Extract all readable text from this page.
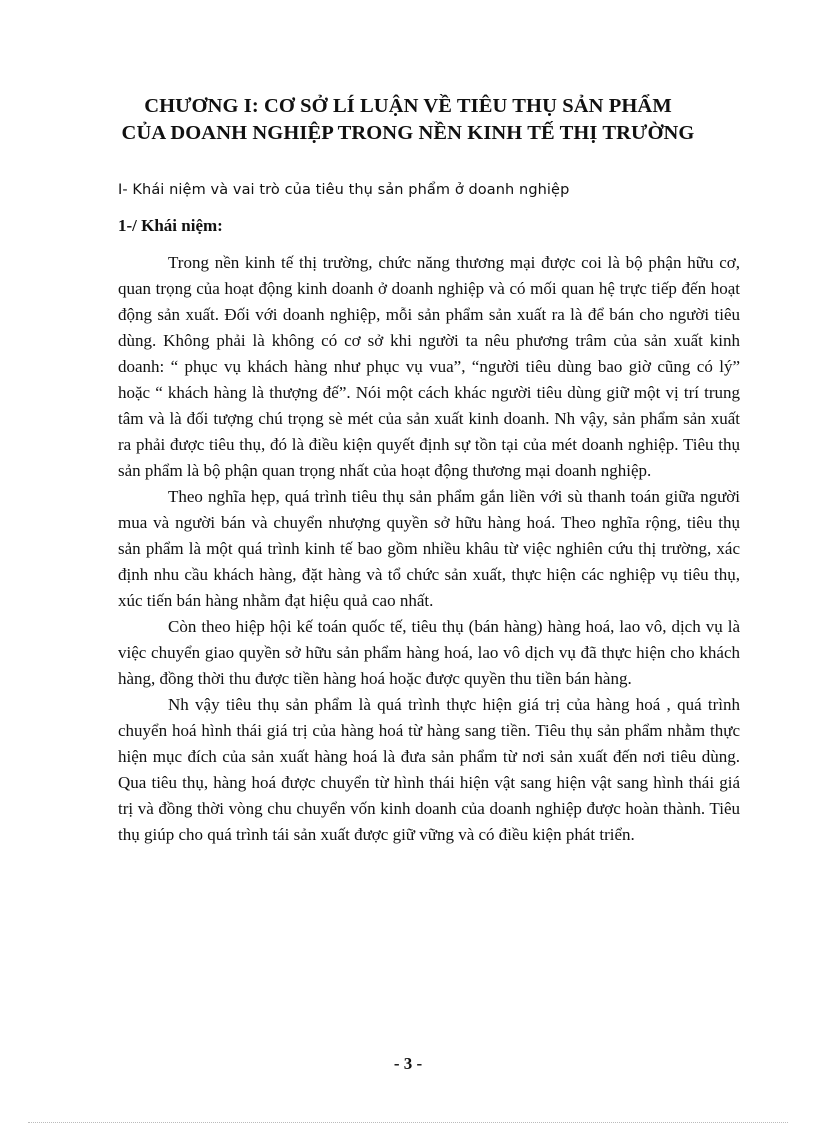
CHƯƠNG I: CƠ SỞ LÍ LUẬN VỀ TIÊU THỤ SẢN PHẨM
CỦA DOANH NGHIỆP TRONG NỀN KINH TẾ THỊ TRƯỜNG
I- Khái niệm và vai trò của tiêu thụ sản phẩm ở doanh nghiệp
1-/ Khái niệm:

Trong nền kinh tế thị trường, chức năng thương mại được coi là bộ phận hữu cơ, quan trọng của hoạt động kinh doanh ở doanh nghiệp và có mối quan hệ trực tiếp đến hoạt động sản xuất. Đối với doanh nghiệp, mỗi sản phẩm sản xuất ra là để bán cho người tiêu dùng. Không phải là không có cơ sở khi người ta nêu phương trâm của sản xuất kinh doanh: “ phục vụ khách hàng như phục vụ vua”, “người tiêu dùng bao giờ cũng có lý” hoặc “ khách hàng là thượng đế”. Nói một cách khác người tiêu dùng giữ một vị trí trung tâm và là đối tượng chú trọng sè mét của sản xuất kinh doanh. Nh vậy, sản phẩm sản xuất ra phải được tiêu thụ, đó là điều kiện quyết định sự tồn tại của mét doanh nghiệp. Tiêu thụ sản phẩm là bộ phận quan trọng nhất của hoạt động thương mại doanh nghiệp.

Theo nghĩa hẹp, quá trình tiêu thụ sản phẩm gắn liền với sù thanh toán giữa người mua và người bán và chuyển nhượng quyền sở hữu hàng hoá. Theo nghĩa rộng, tiêu thụ sản phẩm là một quá trình kinh tế bao gồm nhiều khâu từ việc nghiên cứu thị trường, xác định nhu cầu khách hàng, đặt hàng và tổ chức sản xuất, thực hiện các nghiệp vụ tiêu thụ, xúc tiến bán hàng nhằm đạt hiệu quả cao nhất.

Còn theo hiệp hội kế toán quốc tế, tiêu thụ (bán hàng) hàng hoá, lao vô, dịch vụ là việc chuyển giao quyền sở hữu sản phẩm hàng hoá, lao vô dịch vụ đã thực hiện cho khách hàng, đồng thời thu được tiền hàng hoá hoặc được quyền thu tiền bán hàng.

Nh vậy tiêu thụ sản phẩm là quá trình thực hiện giá trị của hàng hoá , quá trình chuyển hoá hình thái giá trị của hàng hoá từ hàng sang tiền. Tiêu thụ sản phẩm nhằm thực hiện mục đích của sản xuất hàng hoá là đưa sản phẩm từ nơi sản xuất đến nơi tiêu dùng. Qua tiêu thụ, hàng hoá được chuyển từ hình thái hiện vật sang hiện vật sang hình thái giá trị và đồng thời vòng chu chuyển vốn kinh doanh của doanh nghiệp được hoàn thành. Tiêu thụ giúp cho quá trình tái sản xuất được giữ vững và có điều kiện phát triển.

- 3 -
